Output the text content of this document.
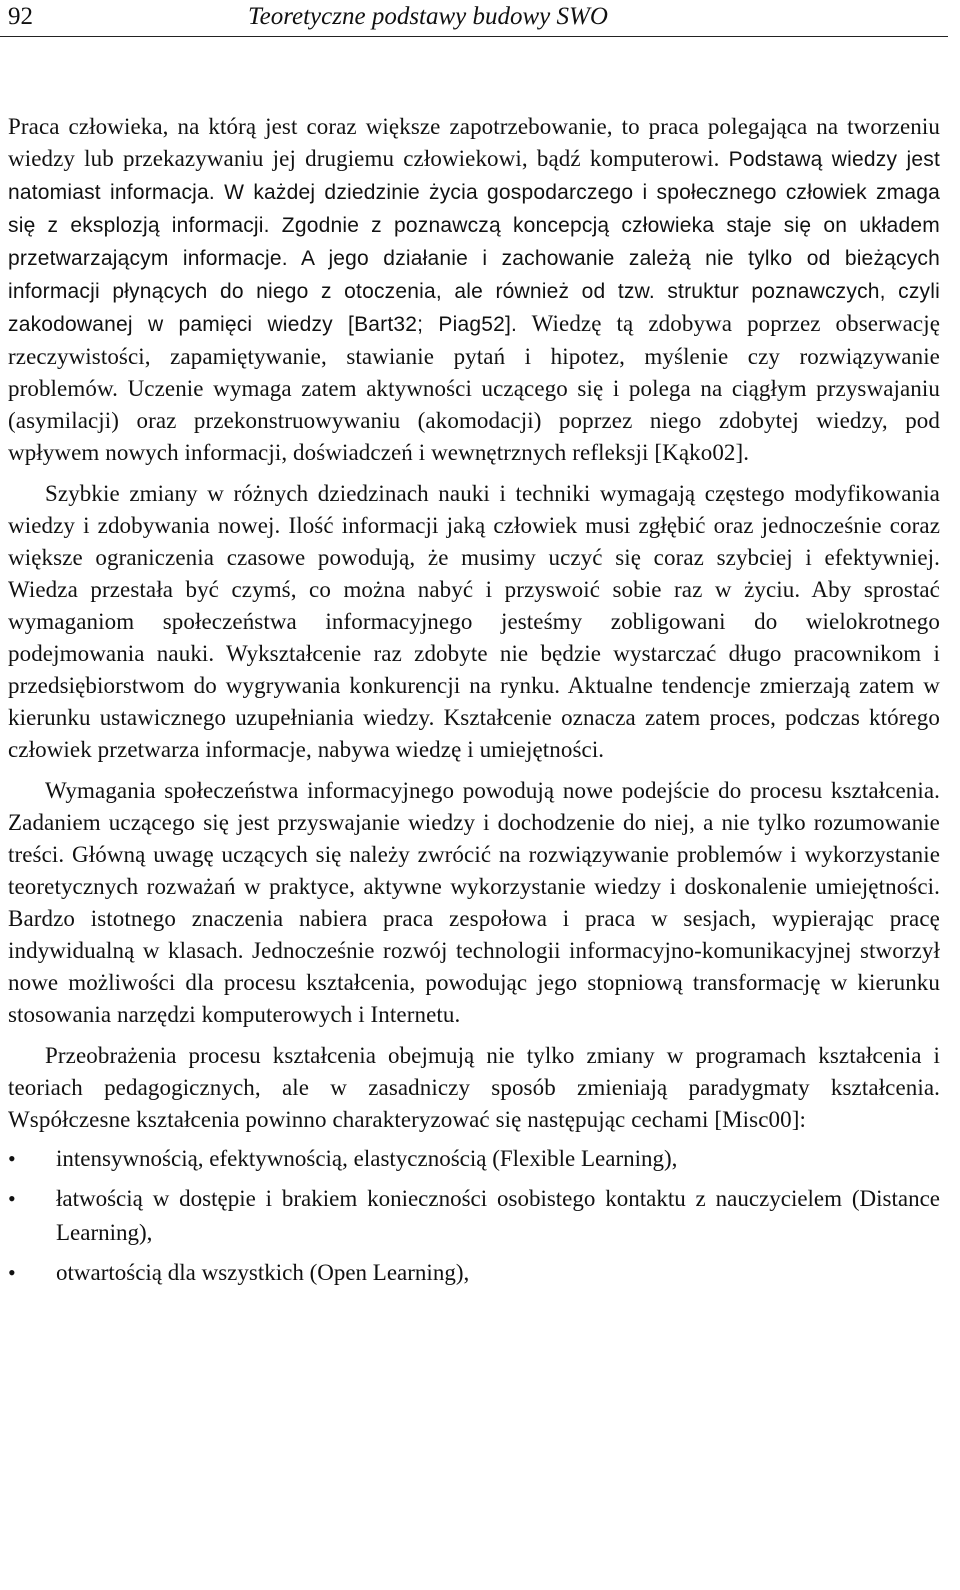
92	Teoretyczne podstawy budowy SWO

Praca człowieka, na którą jest coraz większe zapotrzebowanie, to praca polegająca na tworzeniu wiedzy lub przekazywaniu jej drugiemu człowiekowi, bądź komputerowi. Podstawą wiedzy jest natomiast informacja. W każdej dziedzinie życia gospodarczego i społecznego człowiek zmaga się z eksplozją informacji. Zgodnie z poznawczą koncepcją człowieka staje się on układem przetwarzającym informacje. A jego działanie i zachowanie zależą nie tylko od bieżących informacji płynących do niego z otoczenia, ale również od tzw. struktur poznawczych, czyli zakodowanej w pamięci wiedzy [Bart32; Piag52]. Wiedzę tą zdobywa poprzez obserwację rzeczywistości, zapamiętywanie, stawianie pytań i hipotez, myślenie czy rozwiązywanie problemów. Uczenie wymaga zatem aktywności uczącego się i polega na ciągłym przyswajaniu (asymilacji) oraz przekonstruowywaniu (akomodacji) poprzez niego zdobytej wiedzy, pod wpływem nowych informacji, doświadczeń i wewnętrznych refleksji [Kąko02].

Szybkie zmiany w różnych dziedzinach nauki i techniki wymagają częstego modyfikowania wiedzy i zdobywania nowej. Ilość informacji jaką człowiek musi zgłębić oraz jednocześnie coraz większe ograniczenia czasowe powodują, że musimy uczyć się coraz szybciej i efektywniej. Wiedza przestała być czymś, co można nabyć i przyswoić sobie raz w życiu. Aby sprostać wymaganiom społeczeństwa informacyjnego jesteśmy zobligowani do wielokrotnego podejmowania nauki. Wykształcenie raz zdobyte nie będzie wystarczać długo pracownikom i przedsiębiorstwom do wygrywania konkurencji na rynku. Aktualne tendencje zmierzają zatem w kierunku ustawicznego uzupełniania wiedzy. Kształcenie oznacza zatem proces, podczas którego człowiek przetwarza informacje, nabywa wiedzę i umiejętności.

Wymagania społeczeństwa informacyjnego powodują nowe podejście do procesu kształcenia. Zadaniem uczącego się jest przyswajanie wiedzy i dochodzenie do niej, a nie tylko rozumowanie treści. Główną uwagę uczących się należy zwrócić na rozwiązywanie problemów i wykorzystanie teoretycznych rozważań w praktyce, aktywne wykorzystanie wiedzy i doskonalenie umiejętności. Bardzo istotnego znaczenia nabiera praca zespołowa i praca w sesjach, wypierając pracę indywidualną w klasach. Jednocześnie rozwój technologii informacyjno-komunikacyjnej stworzył nowe możliwości dla procesu kształcenia, powodując jego stopniową transformację w kierunku stosowania narzędzi komputerowych i Internetu.

Przeobrażenia procesu kształcenia obejmują nie tylko zmiany w programach kształcenia i teoriach pedagogicznych, ale w zasadniczy sposób zmieniają paradygmaty kształcenia. Współczesne kształcenia powinno charakteryzować się następując cechami [Misc00]:

• intensywnością, efektywnością, elastycznością (Flexible Learning),
• łatwością w dostępie i brakiem konieczności osobistego kontaktu z nauczycielem (Distance Learning),
• otwartością dla wszystkich (Open Learning),
